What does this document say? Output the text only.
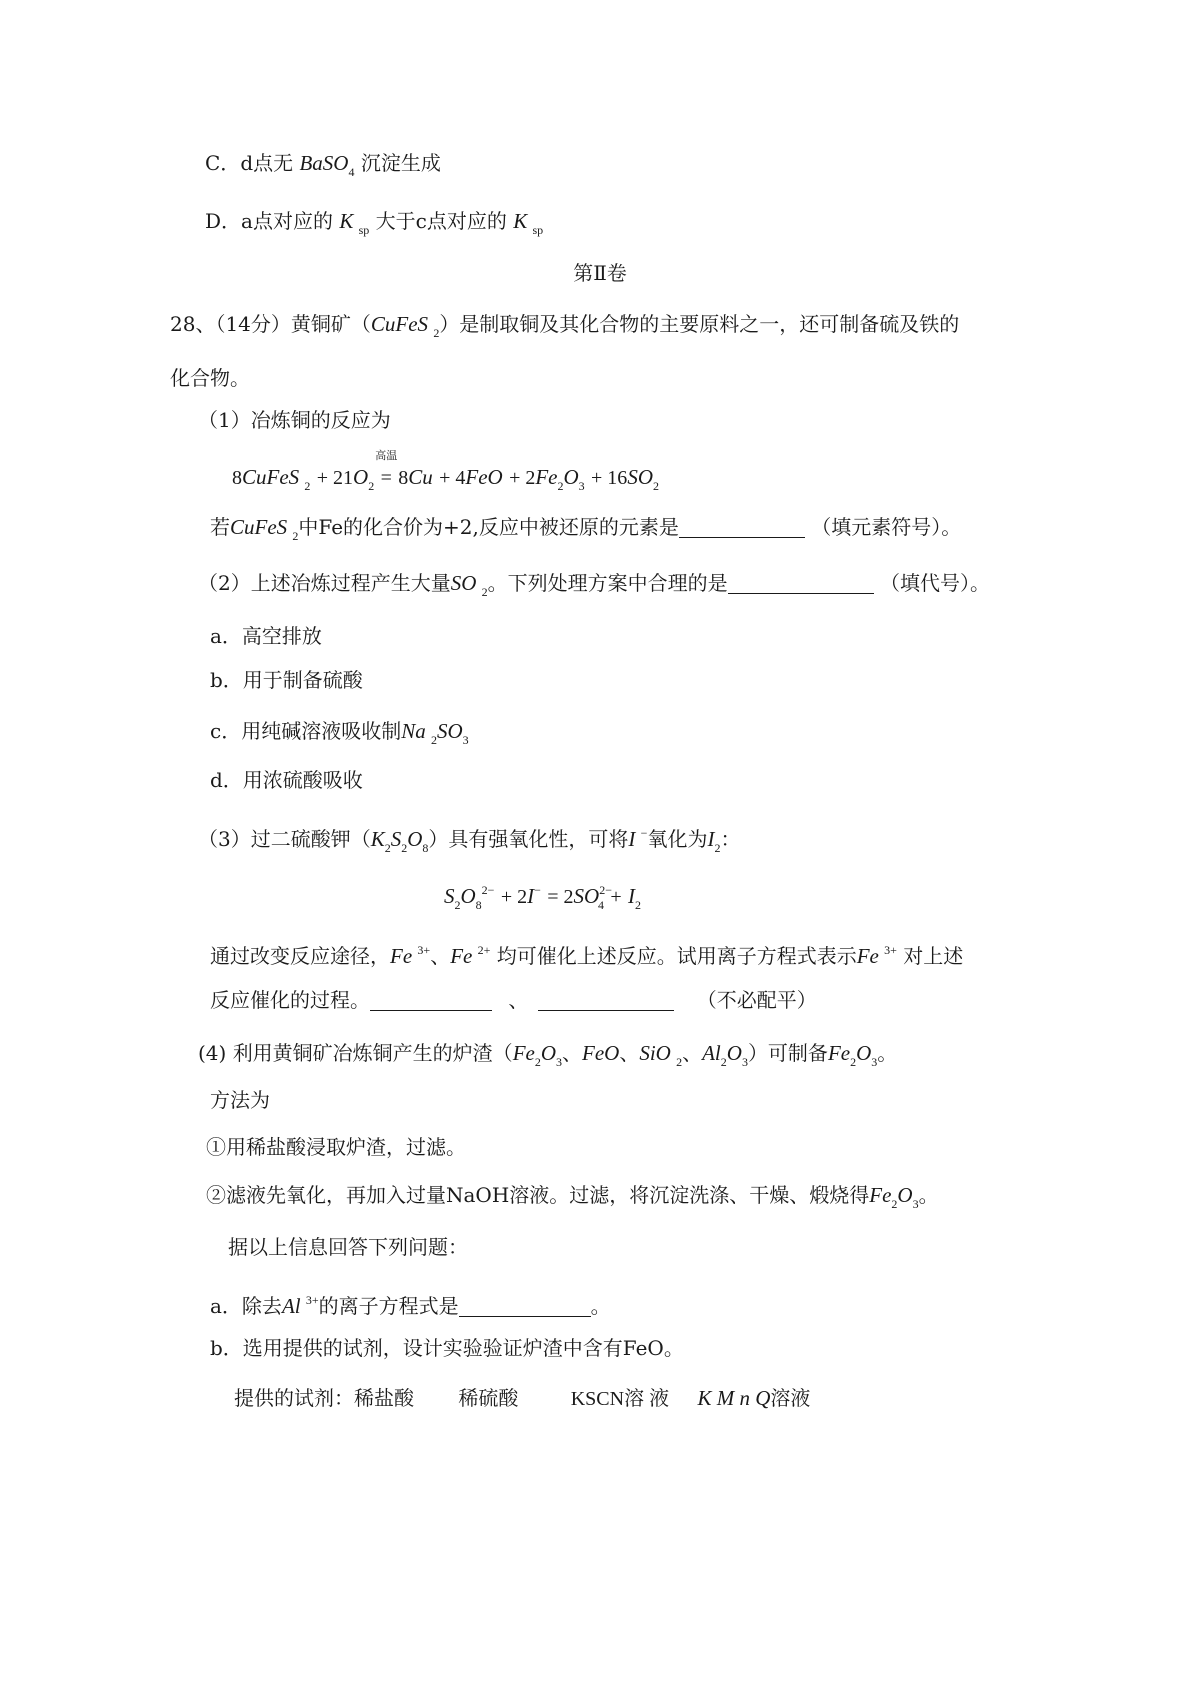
C．d点无 BaSO$_4$ 沉淀生成
D．a点对应的 K $_{sp}$ 大于c点对应的 K $_{sp}$
第Ⅱ卷
28、（14分）黄铜矿（CuFeS $_2$）是制取铜及其化合物的主要原料之一，还可制备硫及铁的
化合物。
（1）冶炼铜的反应为
8CuFeS $_2 + 21O_2$
高温
= $8Cu + 4FeO + 2Fe_2O_3 + 16SO_2$
若CuFeS $_2$中Fe的化合价为+2,反应中被还原的元素是	（填元素符号）。
（2）上述冶炼过程产生大量SO $_2$。下列处理方案中合理的是	（填代号）。
a．高空排放
b．用于制备硫酸
c．用纯碱溶液吸收制Na $_2SO_3$
d．用浓硫酸吸收
（3）过二硫酸钾$(K_2S_2O_8)$具有强氧化性，可将I −氧化为$I_2$：
$S_2O_8^{2-} + 2I^- = 2SO^{2-}_4 + I_2$
通过改变反应途径，Fe $^{3+}$、Fe $^{2+}$ 均可催化上述反应。试用离子方程式表示Fe $^{3+}$ 对上述
反应催化的过程。	、	（不必配平）
(4) 利用黄铜矿冶炼铜产生的炉渣（$Fe_2O_3$、FeO、SiO $_2$、$Al_2O_3$）可制备$Fe_2O_3$。
方法为
①用稀盐酸浸取炉渣，过滤。
②滤液先氧化，再加入过量NaOH溶液。过滤，将沉淀洗涤、干燥、煅烧得$Fe_2O_3$。
据以上信息回答下列问题：
a．除去Al $^{3+}$的离子方程式是	。
b．选用提供的试剂，设计实验验证炉渣中含有FeO。
提供的试剂：稀盐酸 稀硫酸	KSCN溶 液 K M n Q溶液
